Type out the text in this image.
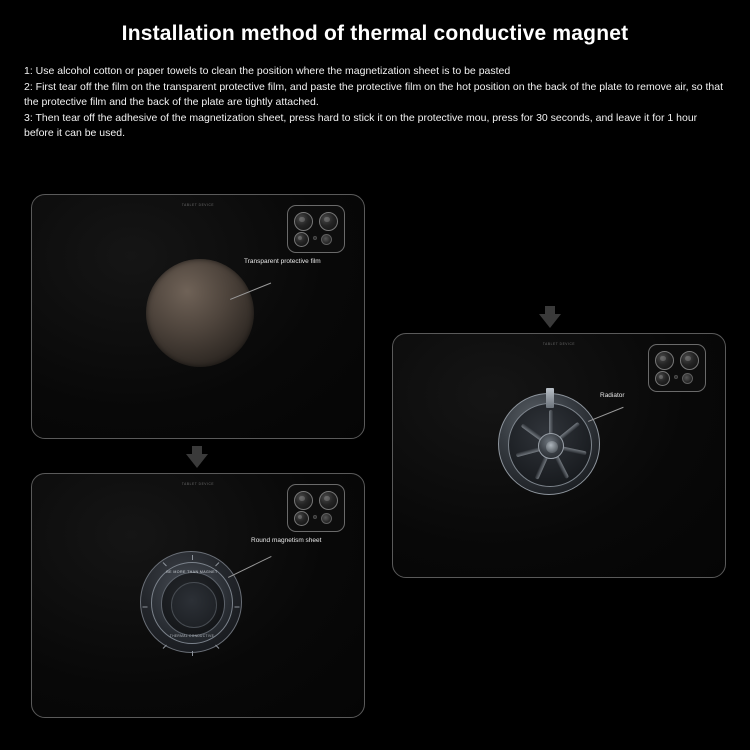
Installation method of thermal conductive magnet

1: Use alcohol cotton or paper towels to clean the position where the magnetization sheet is to be pasted

2: First tear off the film on the transparent protective film, and paste the protective film on the hot position on the back of the plate to remove air, so that the protective film and the back of the plate are tightly attached.

3: Then tear off the adhesive of the magnetization sheet, press hard to stick it on the protective mou, press for 30 seconds, and leave it for 1 hour before it can be used.

TABLET DEVICE
Transparent protective film
TABLET DEVICE
BE MORE THAN MAGNET
THERMAL CONDUCTIVE
Round magnetism sheet
TABLET DEVICE
Radiator
